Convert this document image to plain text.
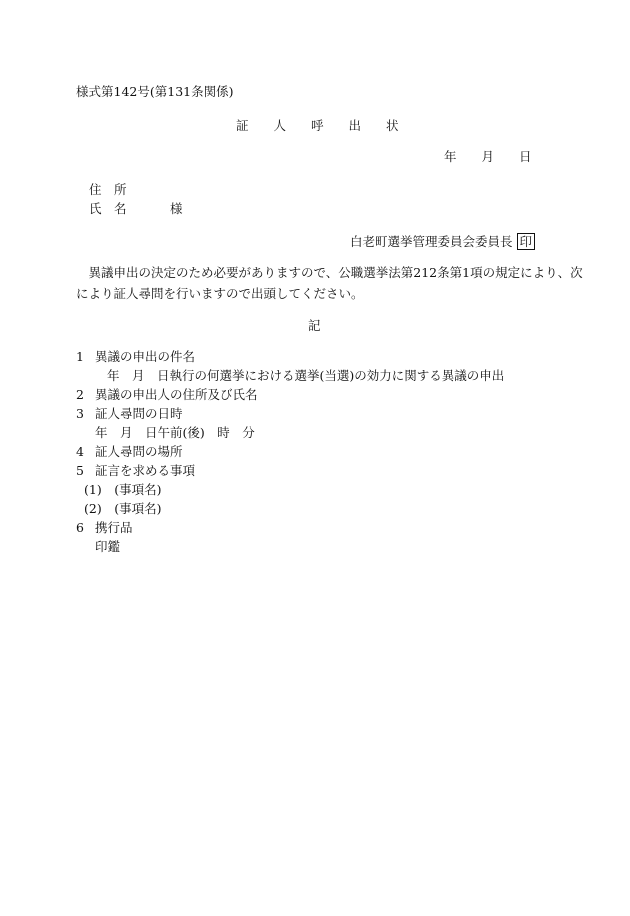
様式第142号(第131条関係)
証　　人　　呼　　出　　状
年　　月　　日
住　所
氏　名	様
白老町選挙管理委員会委員長 印
　異議申出の決定のため必要がありますので、公職選挙法第212条第1項の規定により、次
により証人尋問を行いますので出頭してください。
記
1 異議の申出の件名
年　月　日執行の何選挙における選挙(当選)の効力に関する異議の申出
2 異議の申出人の住所及び氏名
3 証人尋問の日時
年　月　日午前(後)　時　分
4 証人尋問の場所
5 証言を求める事項
(1)　(事項名)
(2)　(事項名)
6 携行品
印鑑
